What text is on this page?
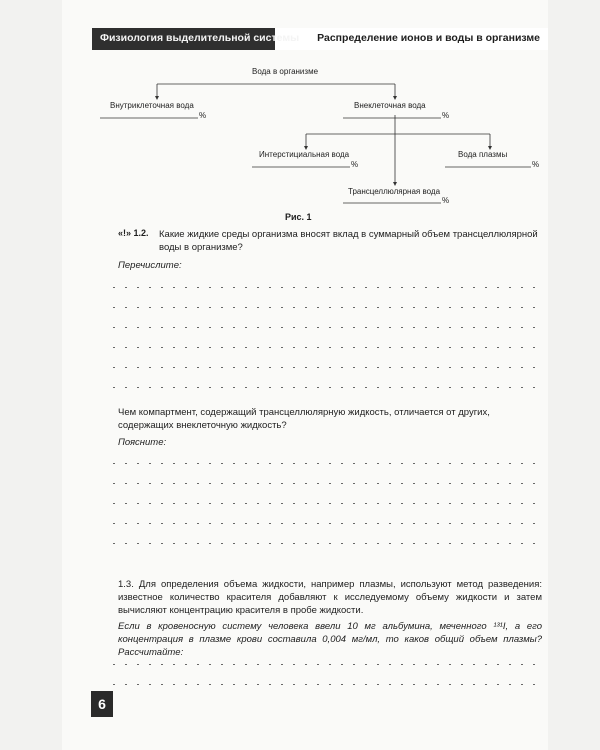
Физиология выделительной системы Распределение ионов и воды в организме
Вода в организме
Внутриклеточная вода	Внеклеточная вода
Интерстициальная вода	Вода плазмы
Трансцеллюлярная вода
%	%
%	%
%
Рис. 1
«!» 1.2. Какие жидкие среды организма вносят вклад в суммарный объем трансцеллюлярной воды в организме?
Перечислите:
Чем компартмент, содержащий трансцеллюлярную жидкость, отличается от других, содержащих внеклеточную жидкость?
Поясните:
1.3. Для определения объема жидкости, например плазмы, используют метод разведения: известное количество красителя добавляют к исследуемому объему жидкости и затем вычисляют концентрацию красителя в пробе жидкости.
Если в кровеносную систему человека ввели 10 мг альбумина, меченного ¹³¹I, а его концентрация в плазме крови составила 0,004 мг/мл, то каков общий объем плазмы? Рассчитайте:
6
